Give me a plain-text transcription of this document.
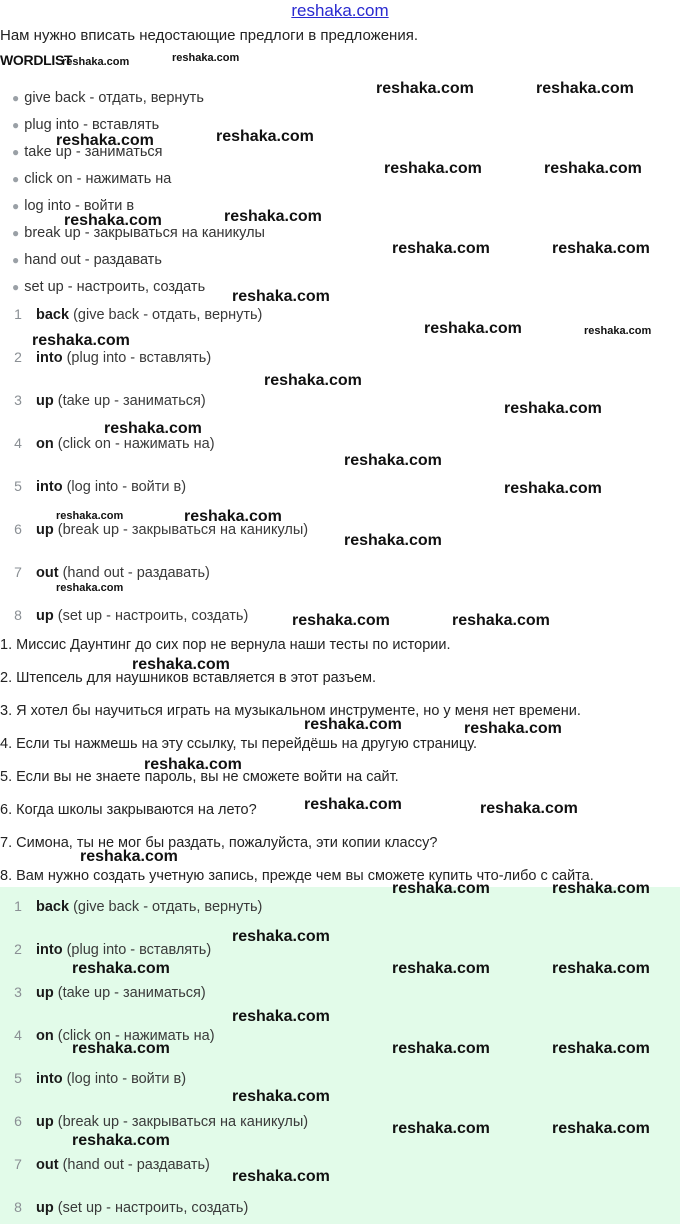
reshaka.com
Нам нужно вписать недостающие предлоги в предложения.
WORDLIST
● give back - отдать, вернуть
● plug into - вставлять
● take up - заниматься
● click on - нажимать на
● log into - войти в
● break up - закрываться на каникулы
● hand out - раздавать
● set up - настроить, создать
1 back (give back - отдать, вернуть)
2 into (plug into - вставлять)
3 up (take up - заниматься)
4 on (click on - нажимать на)
5 into (log into - войти в)
6 up (break up - закрываться на каникулы)
7 out (hand out - раздавать)
8 up (set up - настроить, создать)
1. Миссис Даунтинг до сих пор не вернула наши тесты по истории.
2. Штепсель для наушников вставляется в этот разъем.
3. Я хотел бы научиться играть на музыкальном инструменте, но у меня нет времени.
4. Если ты нажмешь на эту ссылку, ты перейдёшь на другую страницу.
5. Если вы не знаете пароль, вы не сможете войти на сайт.
6. Когда школы закрываются на лето?
7. Симона, ты не мог бы раздать, пожалуйста, эти копии классу?
8. Вам нужно создать учетную запись, прежде чем вы сможете купить что-либо с сайта.
1 back (give back - отдать, вернуть)
2 into (plug into - вставлять)
3 up (take up - заниматься)
4 on (click on - нажимать на)
5 into (log into - войти в)
6 up (break up - закрываться на каникулы)
7 out (hand out - раздавать)
8 up (set up - настроить, создать)
reshaka.com	reshaka.com
reshaka.com	reshaka.com
reshaka.com
reshaka.com
reshaka.com	reshaka.com
reshaka.com
reshaka.com
reshaka.com	reshaka.com
reshaka.com
reshaka.com	reshaka.com
reshaka.com
reshaka.com
reshaka.com
reshaka.com
reshaka.com
reshaka.com
reshaka.com	reshaka.com
reshaka.com
reshaka.com
reshaka.com	reshaka.com
reshaka.com
reshaka.com	reshaka.com
reshaka.com
reshaka.com	reshaka.com
reshaka.com
reshaka.com	reshaka.com
reshaka.com
reshaka.com	reshaka.com	reshaka.com
reshaka.com
reshaka.com	reshaka.com	reshaka.com
reshaka.com
reshaka.com	reshaka.com
reshaka.com
reshaka.com
